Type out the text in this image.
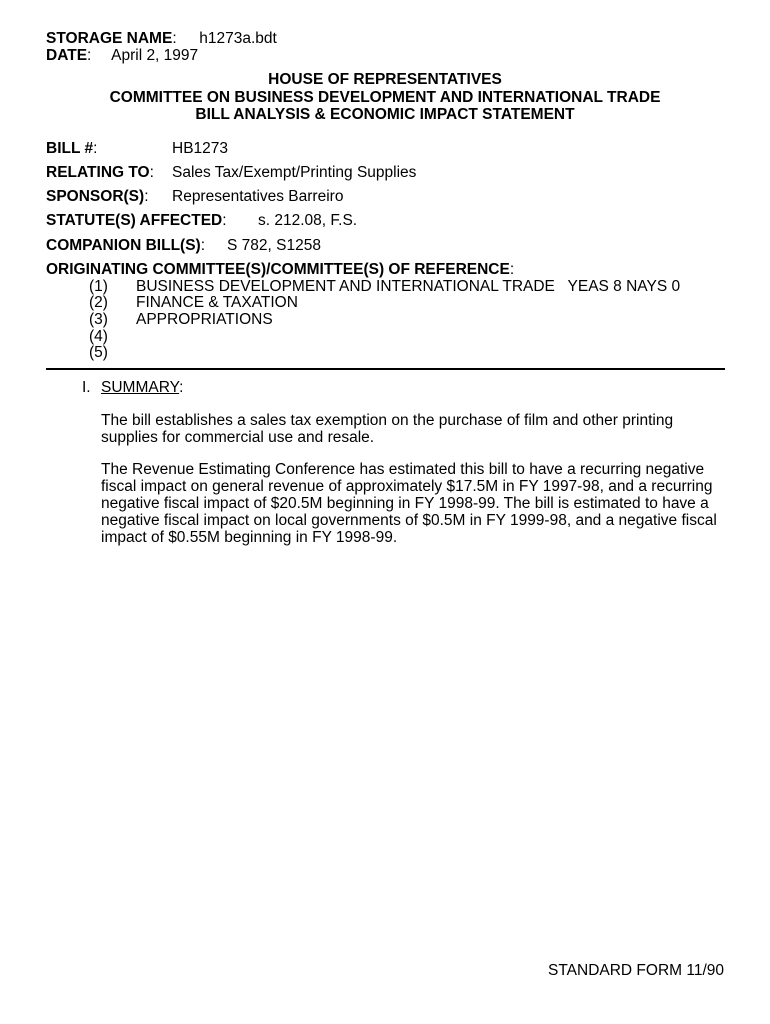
STORAGE NAME: h1273a.bdt
DATE: April 2, 1997
HOUSE OF REPRESENTATIVES
COMMITTEE ON BUSINESS DEVELOPMENT AND INTERNATIONAL TRADE
BILL ANALYSIS & ECONOMIC IMPACT STATEMENT
BILL #:	HB1273
RELATING TO: Sales Tax/Exempt/Printing Supplies
SPONSOR(S): Representatives Barreiro
STATUTE(S) AFFECTED: s. 212.08, F.S.
COMPANION BILL(S): S 782, S1258
ORIGINATING COMMITTEE(S)/COMMITTEE(S) OF REFERENCE:
(1) BUSINESS DEVELOPMENT AND INTERNATIONAL TRADE   YEAS 8 NAYS 0
(2) FINANCE & TAXATION
(3) APPROPRIATIONS
(4)
(5)
I. SUMMARY:
The bill establishes a sales tax exemption on the purchase of film and other printing supplies for commercial use and resale.
The Revenue Estimating Conference has estimated this bill to have a recurring negative fiscal impact on general revenue of approximately $17.5M in FY 1997-98, and a recurring negative fiscal impact of $20.5M beginning in FY 1998-99. The bill is estimated to have a negative fiscal impact on local governments of $0.5M in FY 1999-98, and a negative fiscal impact of $0.55M beginning in FY 1998-99.
STANDARD FORM 11/90
